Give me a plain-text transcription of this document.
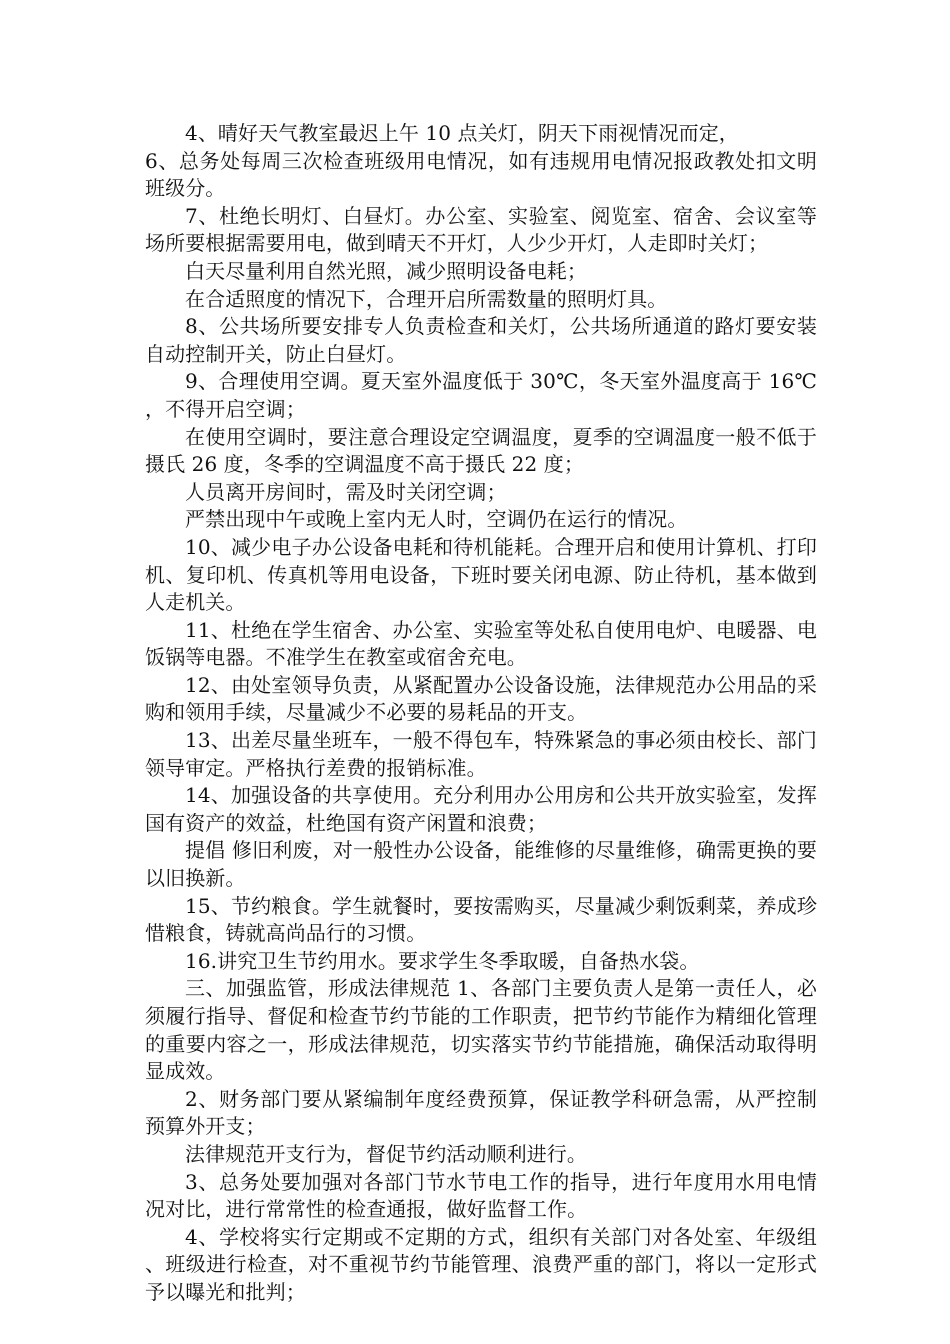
4、晴好天气教室最迟上午 10 点关灯，阴天下雨视情况而定，

6、总务处每周三次检查班级用电情况，如有违规用电情况报政教处扣文明班级分。

7、杜绝长明灯、白昼灯。办公室、实验室、阅览室、宿舍、会议室等场所要根据需要用电，做到晴天不开灯，人少少开灯，人走即时关灯；

白天尽量利用自然光照，减少照明设备电耗；

在合适照度的情况下，合理开启所需数量的照明灯具。

8、公共场所要安排专人负责检查和关灯，公共场所通道的路灯要安装自动控制开关，防止白昼灯。

9、合理使用空调。夏天室外温度低于 30℃，冬天室外温度高于 16℃，不得开启空调；

在使用空调时，要注意合理设定空调温度，夏季的空调温度一般不低于摄氏 26 度，冬季的空调温度不高于摄氏 22 度；

人员离开房间时，需及时关闭空调；

严禁出现中午或晚上室内无人时，空调仍在运行的情况。

10、减少电子办公设备电耗和待机能耗。合理开启和使用计算机、打印机、复印机、传真机等用电设备，下班时要关闭电源、防止待机，基本做到人走机关。

11、杜绝在学生宿舍、办公室、实验室等处私自使用电炉、电暖器、电饭锅等电器。不准学生在教室或宿舍充电。

12、由处室领导负责，从紧配置办公设备设施，法律规范办公用品的采购和领用手续，尽量减少不必要的易耗品的开支。

13、出差尽量坐班车，一般不得包车，特殊紧急的事必须由校长、部门领导审定。严格执行差费的报销标准。

14、加强设备的共享使用。充分利用办公用房和公共开放实验室，发挥国有资产的效益，杜绝国有资产闲置和浪费；

提倡 修旧利废，对一般性办公设备，能维修的尽量维修，确需更换的要以旧换新。

15、节约粮食。学生就餐时，要按需购买，尽量减少剩饭剩菜，养成珍惜粮食，铸就高尚品行的习惯。

16.讲究卫生节约用水。要求学生冬季取暖，自备热水袋。

三、加强监管，形成法律规范 1、各部门主要负责人是第一责任人，必须履行指导、督促和检查节约节能的工作职责，把节约节能作为精细化管理的重要内容之一，形成法律规范，切实落实节约节能措施，确保活动取得明显成效。

2、财务部门要从紧编制年度经费预算，保证教学科研急需，从严控制预算外开支；

法律规范开支行为，督促节约活动顺利进行。

3、总务处要加强对各部门节水节电工作的指导，进行年度用水用电情况对比，进行常常性的检查通报，做好监督工作。

4、学校将实行定期或不定期的方式，组织有关部门对各处室、年级组、班级进行检查，对不重视节约节能管理、浪费严重的部门，将以一定形式予以曝光和批判；
